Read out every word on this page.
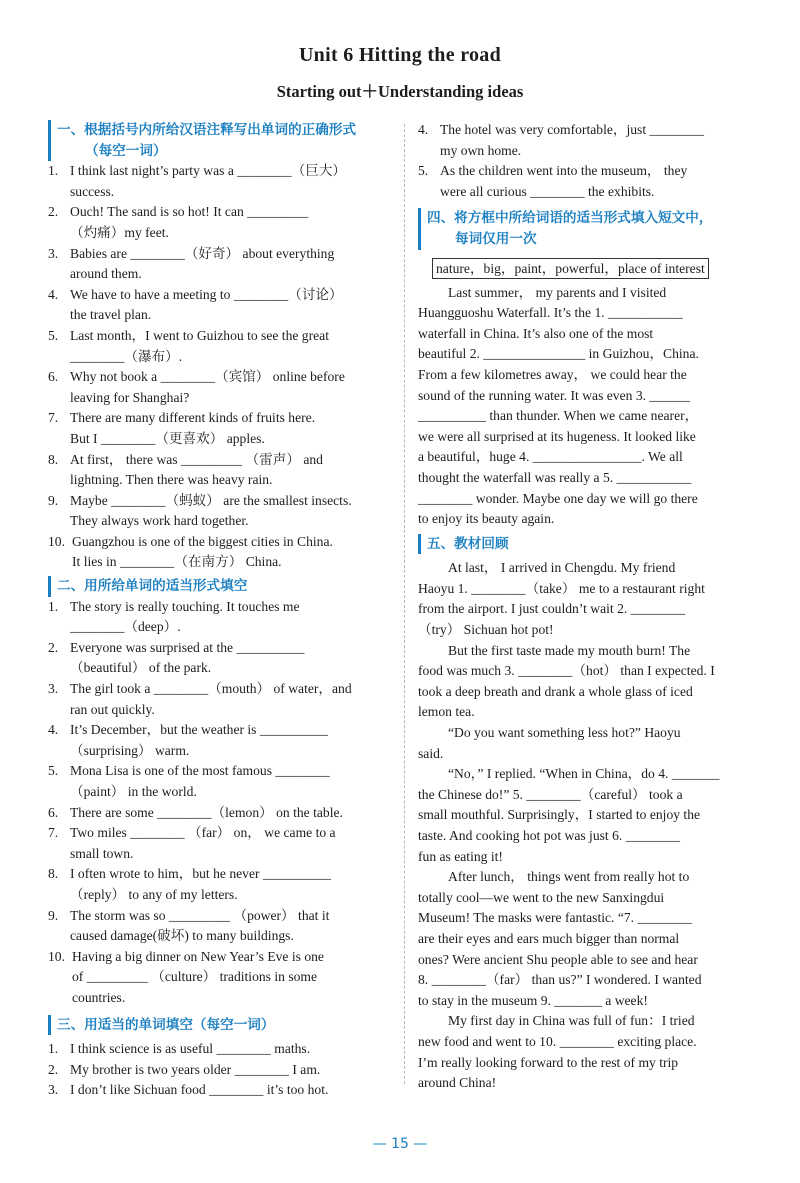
Unit 6 Hitting the road
Starting out＋Understanding ideas
一、根据括号内所给汉语注释写出单词的正确形式
（每空一词）
1. I think last night’s party was a ________（巨大）
success.
2. Ouch! The sand is so hot! It can _________
（灼痛）my feet.
3. Babies are ________（好奇） about everything
around them.
4. We have to have a meeting to ________（讨论）
the travel plan.
5. Last month，I went to Guizhou to see the great
________（瀑布）.
6. Why not book a ________（宾馆） online before
leaving for Shanghai?
7. There are many different kinds of fruits here.
But I ________（更喜欢） apples.
8. At first， there was _________ （雷声） and
lightning. Then there was heavy rain.
9. Maybe ________（蚂蚁） are the smallest insects.
They always work hard together.
10. Guangzhou is one of the biggest cities in China.
It lies in ________（在南方） China.
二、用所给单词的适当形式填空
1. The story is really touching. It touches me
________（deep）.
2. Everyone was surprised at the __________
（beautiful） of the park.
3. The girl took a ________（mouth） of water，and
ran out quickly.
4. It’s December，but the weather is __________
（surprising） warm.
5. Mona Lisa is one of the most famous ________
（paint） in the world.
6. There are some ________（lemon） on the table.
7. Two miles ________ （far） on， we came to a
small town.
8. I often wrote to him，but he never __________
（reply） to any of my letters.
9. The storm was so _________ （power） that it
caused damage(破坏) to many buildings.
10. Having a big dinner on New Year’s Eve is one
of _________ （culture） traditions in some
countries.
三、用适当的单词填空（每空一词）
1. I think science is as useful ________ maths.
2. My brother is two years older ________ I am.
3. I don’t like Sichuan food ________ it’s too hot.
4. The hotel was very comfortable，just ________
my own home.
5. As the children went into the museum， they
were all curious ________ the exhibits.
四、将方框中所给词语的适当形式填入短文中，
每词仅用一次
nature，big，paint，powerful，place of interest
Last summer， my parents and I visited
Huangguoshu Waterfall. It’s the 1. ___________
waterfall in China. It’s also one of the most
beautiful 2. _______________ in Guizhou，China.
From a few kilometres away， we could hear the
sound of the running water. It was even 3. ______
__________ than thunder. When we came nearer，
we were all surprised at its hugeness. It looked like
a beautiful，huge 4. ________________. We all
thought the waterfall was really a 5. ___________
________ wonder. Maybe one day we will go there
to enjoy its beauty again.
五、教材回顾
At last， I arrived in Chengdu. My friend
Haoyu 1. ________（take） me to a restaurant right
from the airport. I just couldn’t wait 2. ________
（try） Sichuan hot pot!
But the first taste made my mouth burn! The
food was much 3. ________（hot） than I expected. I
took a deep breath and drank a whole glass of iced
lemon tea.
“Do you want something less hot?” Haoyu
said.
“No，” I replied. “When in China，do 4. _______
the Chinese do!” 5. ________（careful） took a
small mouthful. Surprisingly，I started to enjoy the
taste. And cooking hot pot was just 6. ________
fun as eating it!
After lunch， things went from really hot to
totally cool—we went to the new Sanxingdui
Museum! The masks were fantastic. “7. ________
are their eyes and ears much bigger than normal
ones? Were ancient Shu people able to see and hear
8. ________（far） than us?” I wondered. I wanted
to stay in the museum 9. _______ a week!
My first day in China was full of fun：I tried
new food and went to 10. ________ exciting place.
I’m really looking forward to the rest of my trip
around China!
— 15 —
